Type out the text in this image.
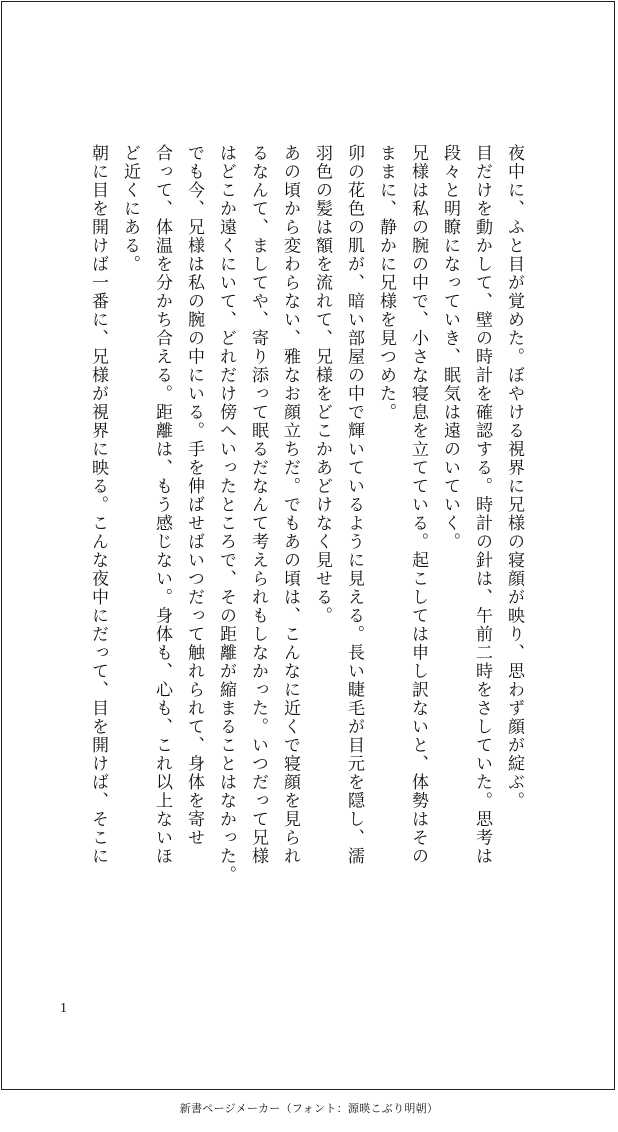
夜中に、ふと目が覚めた。ぼやける視界に兄様の寝顔が映り、思わず顔が綻ぶ。
目だけを動かして、壁の時計を確認する。時計の針は、午前二時をさしていた。思考は
段々と明瞭になっていき、眠気は遠のいていく。
兄様は私の腕の中で、小さな寝息を立てている。起こしては申し訳ないと、体勢はその
ままに、静かに兄様を見つめた。
卯の花色の肌が、暗い部屋の中で輝いているように見える。長い睫毛が目元を隠し、濡
羽色の髪は額を流れて、兄様をどこかあどけなく見せる。
あの頃から変わらない、雅なお顔立ちだ。でもあの頃は、こんなに近くで寝顔を見られ
るなんて、ましてや、寄り添って眠るだなんて考えられもしなかった。いつだって兄様
はどこか遠くにいて、どれだけ傍へいったところで、その距離が縮まることはなかった。
でも今、兄様は私の腕の中にいる。手を伸ばせばいつだって触れられて、身体を寄せ
合って、体温を分かち合える。距離は、もう感じない。身体も、心も、これ以上ないほ
ど近くにある。
朝に目を開けば一番に、兄様が視界に映る。こんな夜中にだって、目を開けば、そこに
1
新書ページメーカー（フォント：源暎こぶり明朝）
